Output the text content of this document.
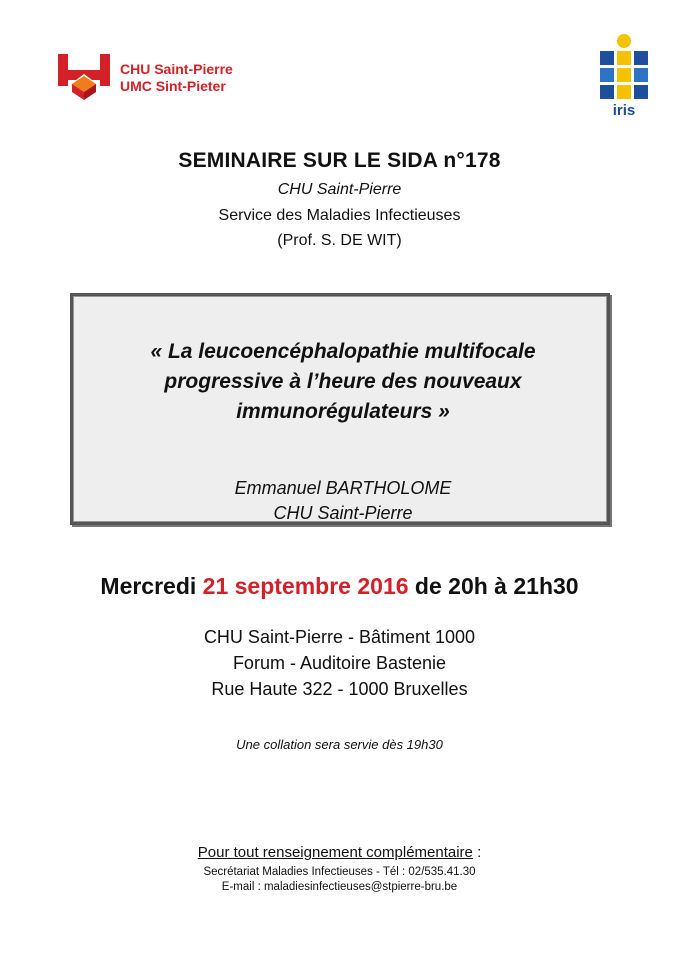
CHU Saint-Pierre
UMC Sint-Pieter
iris
SEMINAIRE SUR LE SIDA n°178
CHU Saint-Pierre
Service des Maladies Infectieuses
(Prof. S. DE WIT)
« La leucoencéphalopathie multifocale
progressive à l’heure des nouveaux
immunorégulateurs »
Emmanuel BARTHOLOME
CHU Saint-Pierre
Mercredi 21 septembre 2016 de 20h à 21h30
CHU Saint-Pierre - Bâtiment 1000
Forum - Auditoire Bastenie
Rue Haute 322 - 1000 Bruxelles
Une collation sera servie dès 19h30
Pour tout renseignement complémentaire :
Secrétariat Maladies Infectieuses - Tél : 02/535.41.30
E-mail : maladiesinfectieuses@stpierre-bru.be
